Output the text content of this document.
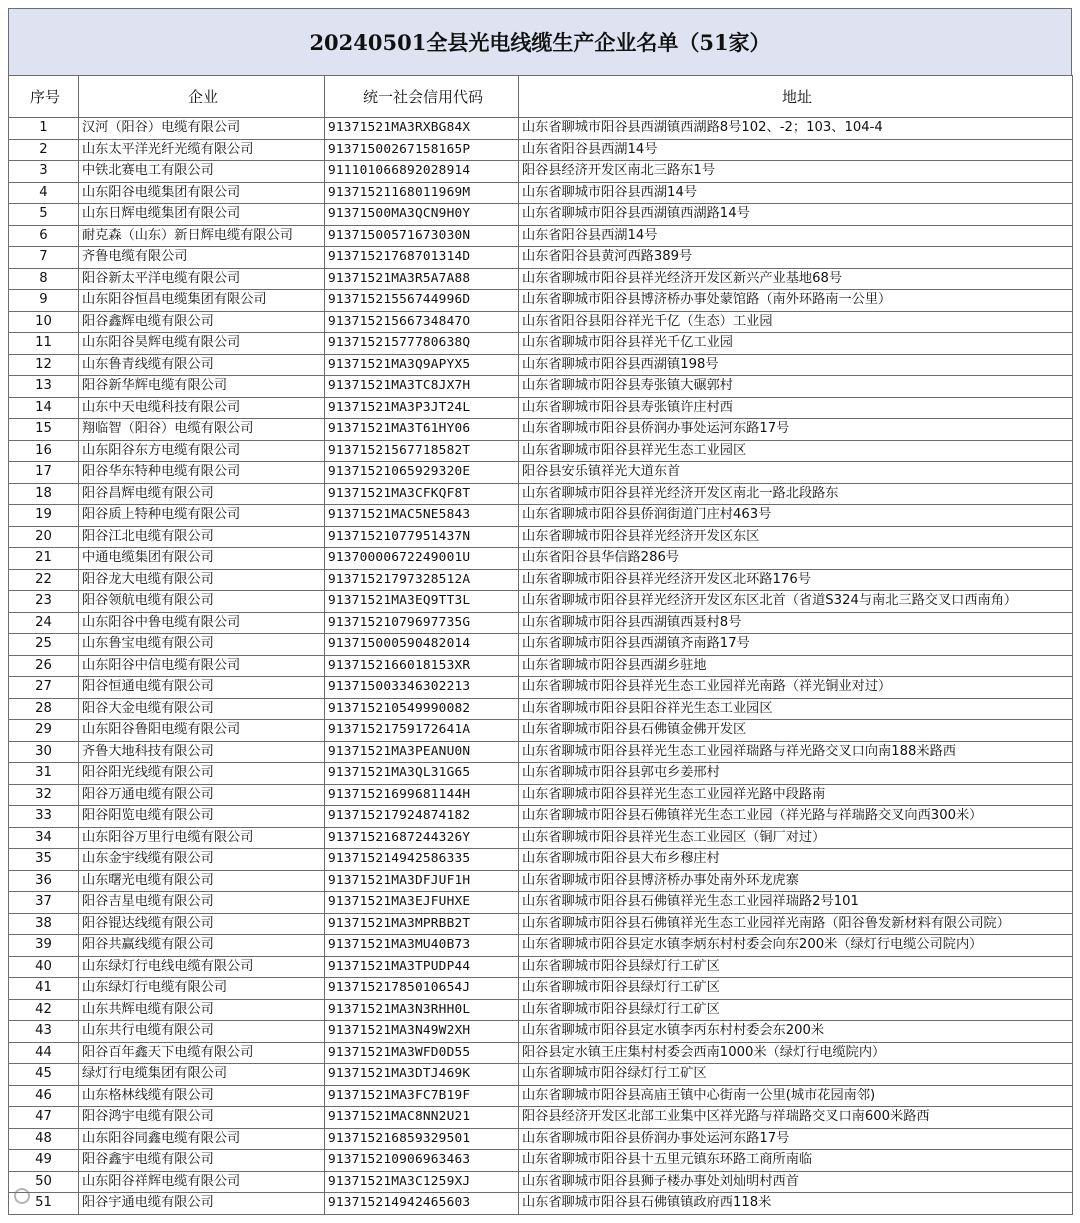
20240501全县光电线缆生产企业名单（51家）
序号	企业	统一社会信用代码	地址
1	汉河（阳谷）电缆有限公司	91371521MA3RXBG84X	山东省聊城市阳谷县西湖镇西湖路8号102、-2；103、104-4
2	山东太平洋光纤光缆有限公司	91371500267158165P	山东省阳谷县西湖14号
3	中铁北赛电工有限公司	911101066892028914	阳谷县经济开发区南北三路东1号
4	山东阳谷电缆集团有限公司	91371521168011969M	山东省聊城市阳谷县西湖14号
5	山东日辉电缆集团有限公司	91371500MA3QCN9H0Y	山东省聊城市阳谷县西湖镇西湖路14号
6	耐克森（山东）新日辉电缆有限公司	91371500571673030N	山东省阳谷县西湖14号
7	齐鲁电缆有限公司	91371521768701314D	山东省阳谷县黄河西路389号
8	阳谷新太平洋电缆有限公司	91371521MA3R5A7A88	山东省聊城市阳谷县祥光经济开发区新兴产业基地68号
9	山东阳谷恒昌电缆集团有限公司	91371521556744996D	山东省聊城市阳谷县博济桥办事处蒙馆路（南外环路南一公里）
10	阳谷鑫辉电缆有限公司	91371521566734847O	山东省阳谷县阳谷祥光千亿（生态）工业园
11	山东阳谷昊辉电缆有限公司	91371521577780638Q	山东省聊城市阳谷县祥光千亿工业园
12	山东鲁青线缆有限公司	91371521MA3Q9APYX5	山东省聊城市阳谷县西湖镇198号
13	阳谷新华辉电缆有限公司	91371521MA3TC8JX7H	山东省聊城市阳谷县寿张镇大碾郭村
14	山东中天电缆科技有限公司	91371521MA3P3JT24L	山东省聊城市阳谷县寿张镇许庄村西
15	翔临智（阳谷）电缆有限公司	91371521MA3T61HY06	山东省聊城市阳谷县侨润办事处运河东路17号
16	山东阳谷东方电缆有限公司	91371521567718582T	山东省聊城市阳谷县祥光生态工业园区
17	阳谷华东特种电缆有限公司	91371521065929320E	阳谷县安乐镇祥光大道东首
18	阳谷昌辉电缆有限公司	91371521MA3CFKQF8T	山东省聊城市阳谷县祥光经济开发区南北一路北段路东
19	阳谷质上特种电缆有限公司	91371521MAC5NE5843	山东省聊城市阳谷县侨润街道门庄村463号
20	阳谷江北电缆有限公司	91371521077951437N	山东省聊城市阳谷县祥光经济开发区东区
21	中通电缆集团有限公司	91370000672249001U	山东省阳谷县华信路286号
22	阳谷龙大电缆有限公司	91371521797328512A	山东省聊城市阳谷县祥光经济开发区北环路176号
23	阳谷领航电缆有限公司	91371521MA3EQ9TT3L	山东省聊城市阳谷县祥光经济开发区东区北首（省道S324与南北三路交叉口西南角）
24	山东阳谷中鲁电缆有限公司	91371521079697735G	山东省聊城市阳谷县西湖镇西聂村8号
25	山东鲁宝电缆有限公司	91371500059048201​4	山东省聊城市阳谷县西湖镇齐南路17号
26	山东阳谷中信电缆有限公司	91371521660181​53XR	山东省聊城市阳谷县西湖乡驻地
27	阳谷恒通电缆有限公司	91371500334630221​3	山东省聊城市阳谷县祥光生态工业园祥光南路（祥光铜业对过）
28	阳谷大金电缆有限公司	91371521054999008​2	山东省聊城市阳谷县阳谷祥光生态工业园区
29	山东阳谷鲁阳电缆有限公司	91371521759172641A	山东省聊城市阳谷县石佛镇金佛开发区
30	齐鲁大地科技有限公司	91371521MA3PEANU0N	山东省聊城市阳谷县祥光生态工业园祥瑞路与祥光路交叉口向南188米路西
31	阳谷阳光线缆有限公司	91371521MA3QL31G65	山东省聊城市阳谷县郭屯乡姜邢村
32	阳谷万通电缆有限公司	91371521699681144H	山东省聊城市阳谷县祥光生态工业园祥光路中段路南
33	阳谷阳览电缆有限公司	91371521792487418​2	山东省聊城市阳谷县石佛镇祥光生态工业园（祥光路与祥瑞路交叉向西300米）
34	山东阳谷万里行电缆有限公司	91371521687244326Y	山东省聊城市阳谷县祥光生态工业园区（铜厂对过）
35	山东金宇线缆有限公司	91371521494258633​5	山东省聊城市阳谷县大布乡穆庄村
36	山东曙光电缆有限公司	91371521MA3DFJUF1H	山东省聊城市阳谷县博济桥办事处南外环龙虎寨
37	阳谷吉星电缆有限公司	91371521MA3EJFUHXE	山东省聊城市阳谷县石佛镇祥光生态工业园祥瑞路2号101
38	阳谷锟达线缆有限公司	91371521MA3MPRBB2T	山东省聊城市阳谷县石佛镇祥光生态工业园祥光南路（阳谷鲁发新材料有限公司院）
39	阳谷共赢线缆有限公司	91371521MA3MU40B73	山东省聊城市阳谷县定水镇李炳东村村委会向东200米（绿灯行电缆公司院内）
40	山东绿灯行电线电缆有限公司	91371521MA3TPUDP44	山东省聊城市阳谷县绿灯行工矿区
41	山东绿灯行电缆有限公司	91371521785010654J	山东省聊城市阳谷县绿灯行工矿区
42	山东共辉电缆有限公司	91371521MA3N3RHH0L	山东省聊城市阳谷县绿灯行工矿区
43	山东共行电缆有限公司	91371521MA3N49W2XH	山东省聊城市阳谷县定水镇李丙东村村委会东200米
44	阳谷百年鑫天下电缆有限公司	91371521MA3WFD0D55	阳谷县定水镇王庄集村村委会西南1000米（绿灯行电缆院内）
45	绿灯行电缆集团有限公司	91371521MA3DTJ469K	山东省聊城市阳谷绿灯行工矿区
46	山东格林线缆有限公司	91371521MA3FC7B19F	山东省聊城市阳谷县高庙王镇中心街南一公里(城市花园南邻)
47	阳谷鸿宇电缆有限公司	91371521MAC8NN2U21	阳谷县经济开发区北部工业集中区祥光路与祥瑞路交叉口南600米路西
48	山东阳谷同鑫电缆有限公司	91371521685932950​1	山东省聊城市阳谷县侨润办事处运河东路17号
49	阳谷鑫宇电缆有限公司	91371521090696346​3	山东省聊城市阳谷县十五里元镇东环路工商所南临
50	山东阳谷祥辉电缆有限公司	91371521MA3C1259XJ	山东省聊城市阳谷县狮子楼办事处刘灿明村西首
51	阳谷宇通电缆有限公司	91371521494246560​3	山东省聊城市阳谷县石佛镇镇政府西118米
